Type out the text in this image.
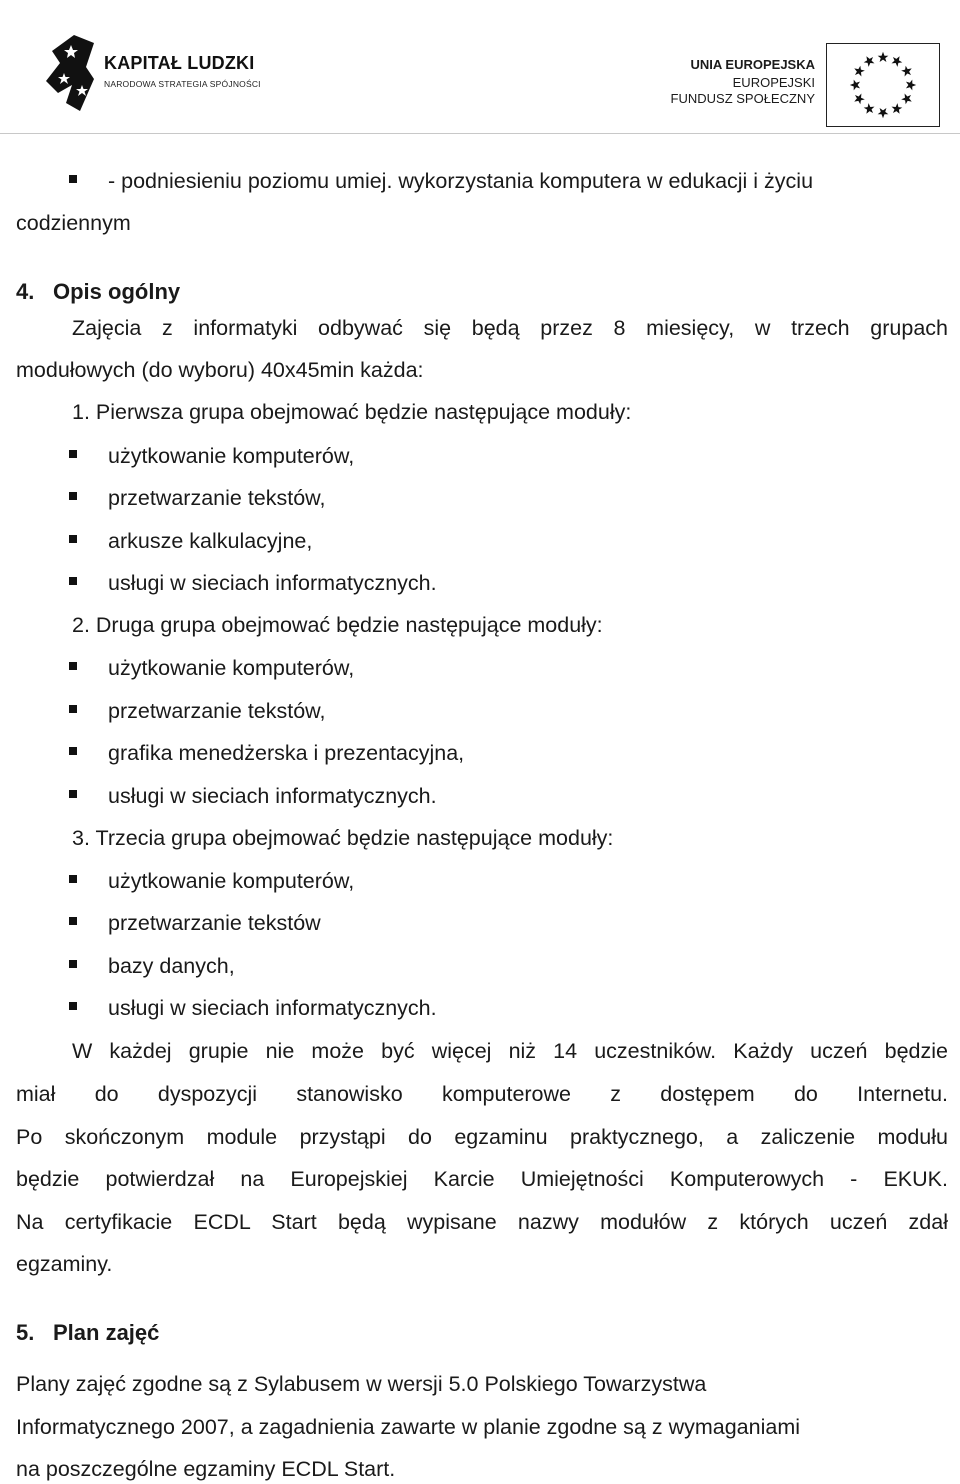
KAPITAŁ LUDZKI
NARODOWA STRATEGIA SPÓJNOŚCI
UNIA EUROPEJSKA
EUROPEJSKI
FUNDUSZ SPOŁECZNY
- podniesieniu poziomu umiej. wykorzystania komputera w edukacji i życiu
codziennym
4. Opis ogólny
Zajęcia z informatyki odbywać się będą przez 8 miesięcy, w trzech grupach
modułowych (do wyboru) 40x45min każda:
1. Pierwsza grupa obejmować będzie następujące moduły:
użytkowanie komputerów,
przetwarzanie tekstów,
arkusze kalkulacyjne,
usługi w sieciach informatycznych.
2. Druga grupa obejmować będzie następujące moduły:
użytkowanie komputerów,
przetwarzanie tekstów,
grafika menedżerska i prezentacyjna,
usługi w sieciach informatycznych.
3. Trzecia grupa obejmować będzie następujące moduły:
użytkowanie komputerów,
przetwarzanie tekstów
bazy danych,
usługi w sieciach informatycznych.
W każdej grupie nie może być więcej niż 14 uczestników. Każdy uczeń będzie
miał do dyspozycji stanowisko komputerowe z dostępem do Internetu.
Po skończonym module przystąpi do egzaminu praktycznego, a zaliczenie modułu
będzie potwierdzał na Europejskiej Karcie Umiejętności Komputerowych - EKUK.
Na certyfikacie ECDL Start będą wypisane nazwy modułów z których uczeń zdał
egzaminy.
5. Plan zajęć
Plany zajęć zgodne są z Sylabusem w wersji 5.0 Polskiego Towarzystwa
Informatycznego 2007, a zagadnienia zawarte w planie zgodne są z wymaganiami
na poszczególne egzaminy ECDL Start.
